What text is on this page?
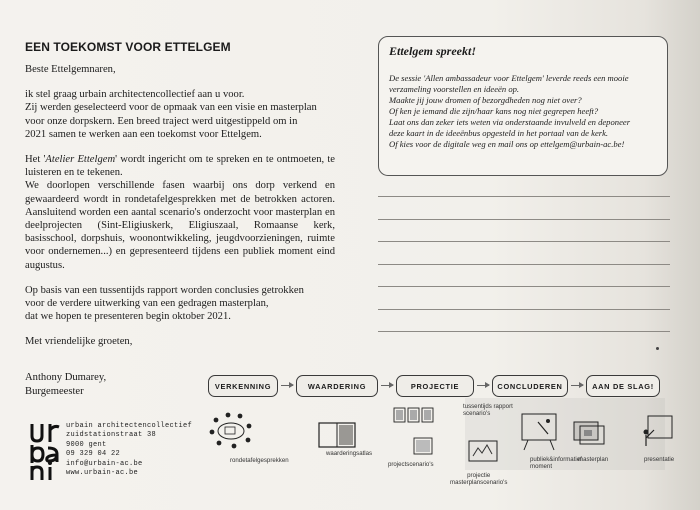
EEN TOEKOMST VOOR ETTELGEM

Beste Ettelgemnaren,

ik stel graag urbain architectencollectief aan u voor.
Zij werden geselecteerd voor de opmaak van een visie en masterplan
voor onze dorpskern. Een breed traject werd uitgestippeld om in
2021 samen te werken aan een toekomst voor Ettelgem.

Het 'Atelier Ettelgem' wordt ingericht om te spreken en te ontmoeten, te luisteren en te tekenen.

We doorlopen verschillende fasen waarbij ons dorp verkend en gewaardeerd wordt in rondetafelgesprekken met de betrokken actoren. Aansluitend worden een aantal scenario's onderzocht voor masterplan en deelprojecten (Sint-Eligiuskerk, Eligiuszaal, Romaanse kerk, basisschool, dorpshuis, woonontwikkeling, jeugdvoorzieningen, ruimte voor ondernemen...) en gepresenteerd tijdens een publiek moment eind augustus.

Op basis van een tussentijds rapport worden conclusies getrokken
voor de verdere uitwerking van een gedragen masterplan,
dat we hopen te presenteren begin oktober 2021.

Met vriendelijke groeten,

Anthony Dumarey,
Burgemeester
Ettelgem spreekt!
De sessie 'Allen ambassadeur voor Ettelgem' leverde reeds een mooie
verzameling voorstellen en ideeën op.
Maakte jij jouw dromen of bezorgdheden nog niet over?
Of ken je iemand die zijn/haar kans nog niet gegrepen heeft?
Laat ons dan zeker iets weten via onderstaande invulveld en deponeer
deze kaart in de ideeënbus opgesteld in het portaal van de kerk.
Of kies voor de digitale weg en mail ons op ettelgem@urbain-ac.be!
urbain architectencollectief
zuidstationstraat 38
9000 gent
09 329 04 22
info@urbain-ac.be
www.urbain-ac.be
VERKENNING	WAARDERING	PROJECTIE	CONCLUDEREN	AAN DE SLAG!
rondetafelgesprekken
waarderingsatlas
projectscenario's
tussentijds rapport
scenario's
projectie
masterplanscenario's
publiek&informatief
moment
masterplan	presentatie
